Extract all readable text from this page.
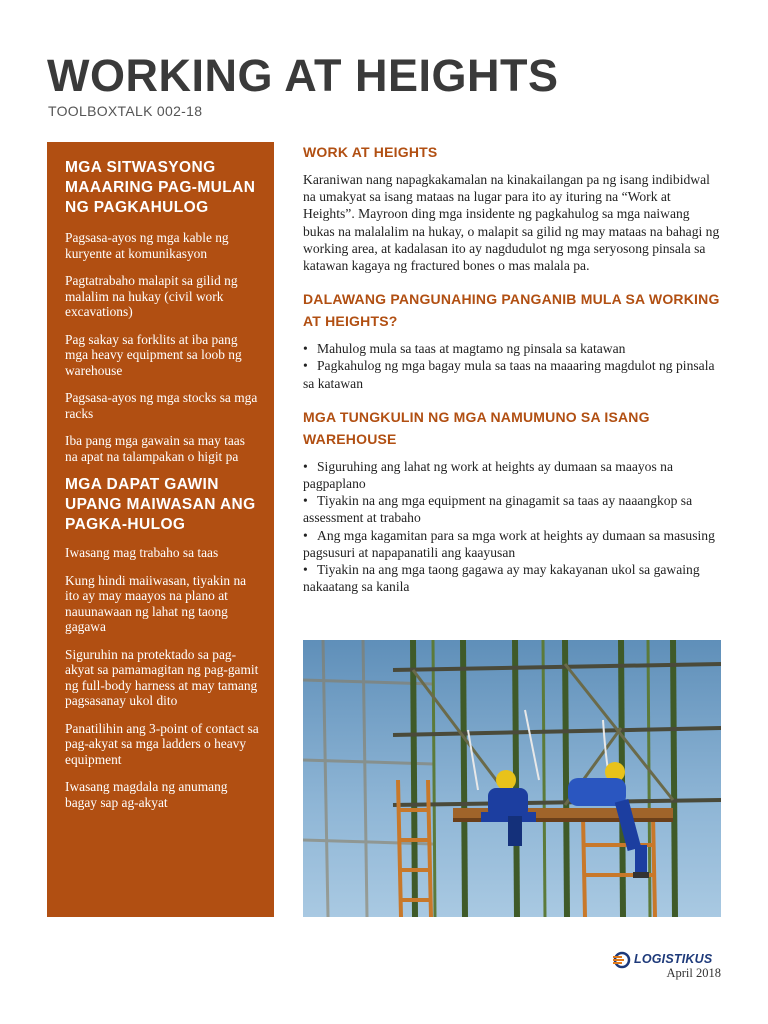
WORKING AT HEIGHTS
TOOLBOXTALK 002-18
MGA SITWASYONG MAAARING PAG-MULAN NG PAGKAHULOG
Pagsasa-ayos ng mga kable ng kuryente at komunikasyon
Pagtatrabaho malapit sa gilid ng malalim na hukay (civil work excavations)
Pag sakay sa forklits at iba pang mga heavy equipment sa loob ng warehouse
Pagsasa-ayos ng mga stocks sa mga racks
Iba pang mga gawain sa may taas na apat na talampakan o higit pa
MGA DAPAT GAWIN UPANG MAIWASAN ANG PAGKA-HULOG
Iwasang mag trabaho sa taas
Kung hindi maiiwasan, tiyakin na ito ay may maayos na plano at nauunawaan ng lahat ng taong gagawa
Siguruhin na protektado sa pag-akyat sa pamamagitan ng pag-gamit ng full-body harness at may tamang pagsasanay ukol dito
Panatilihin ang 3-point of contact sa pag-akyat sa mga ladders o heavy equipment
Iwasang magdala ng anumang bagay sap ag-akyat
WORK AT HEIGHTS

Karaniwan nang napagkakamalan na kinakailangan pa ng isang indibidwal na umakyat sa isang mataas na lugar para ito ay ituring na “Work at Heights”. Mayroon ding mga insidente ng pagkahulog sa mga naiwang bukas na malalalim na hukay, o malapit sa gilid ng may mataas na bahagi ng working area, at kadalasan ito ay nagdudulot ng mga seryosong pinsala sa katawan kagaya ng fractured bones o mas malala pa.

DALAWANG PANGUNAHING PANGANIB MULA SA WORKING AT HEIGHTS?
• Mahulog mula sa taas at magtamo ng pinsala sa katawan
• Pagkahulog ng mga bagay mula sa taas na maaaring magdulot ng pinsala sa katawan
MGA TUNGKULIN NG MGA NAMUMUNO SA ISANG WAREHOUSE
• Siguruhing ang lahat ng work at heights ay dumaan sa maayos na pagpaplano
• Tiyakin na ang mga equipment na ginagamit sa taas ay naaangkop sa assessment at trabaho
• Ang mga kagamitan para sa mga work at heights ay dumaan sa masusing pagsusuri at napapanatili ang kaayusan
• Tiyakin na ang mga taong gagawa ay may kakayanan ukol sa gawaing nakaatang sa kanila
LOGISTIKUS
April 2018
